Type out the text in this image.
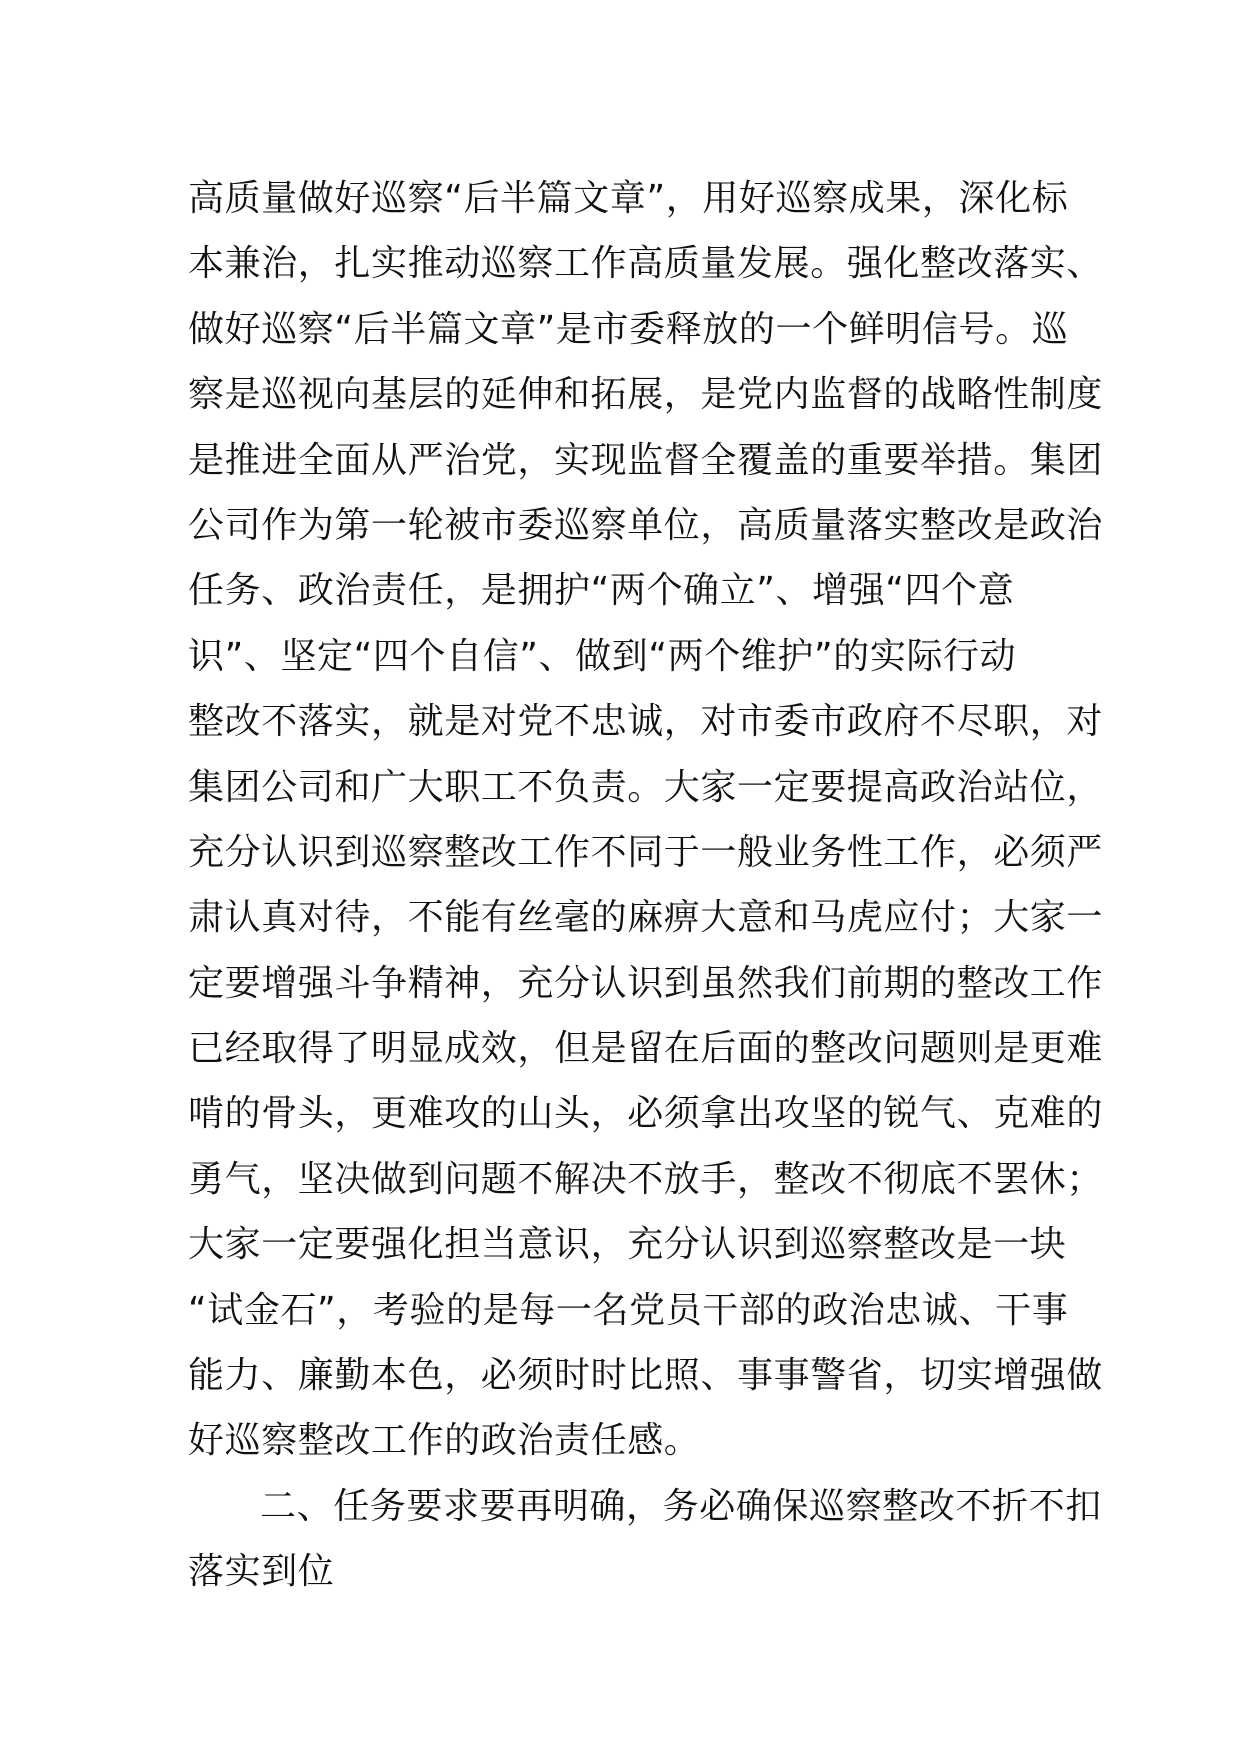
高质量做好巡察“后半篇文章”，用好巡察成果，深化标
本兼治，扎实推动巡察工作高质量发展。强化整改落实、
做好巡察“后半篇文章”是市委释放的一个鲜明信号。巡
察是巡视向基层的延伸和拓展，是党内监督的战略性制度
是推进全面从严治党，实现监督全覆盖的重要举措。集团
公司作为第一轮被市委巡察单位，高质量落实整改是政治
任务、政治责任，是拥护“两个确立”、增强“四个意
识”、坚定“四个自信”、做到“两个维护”的实际行动
整改不落实，就是对党不忠诚，对市委市政府不尽职，对
集团公司和广大职工不负责。大家一定要提高政治站位，
充分认识到巡察整改工作不同于一般业务性工作，必须严
肃认真对待，不能有丝毫的麻痹大意和马虎应付；大家一
定要增强斗争精神，充分认识到虽然我们前期的整改工作
已经取得了明显成效，但是留在后面的整改问题则是更难
啃的骨头，更难攻的山头，必须拿出攻坚的锐气、克难的
勇气，坚决做到问题不解决不放手，整改不彻底不罢休；
大家一定要强化担当意识，充分认识到巡察整改是一块
“试金石”，考验的是每一名党员干部的政治忠诚、干事
能力、廉勤本色，必须时时比照、事事警省，切实增强做
好巡察整改工作的政治责任感。
二、任务要求要再明确，务必确保巡察整改不折不扣
落实到位
